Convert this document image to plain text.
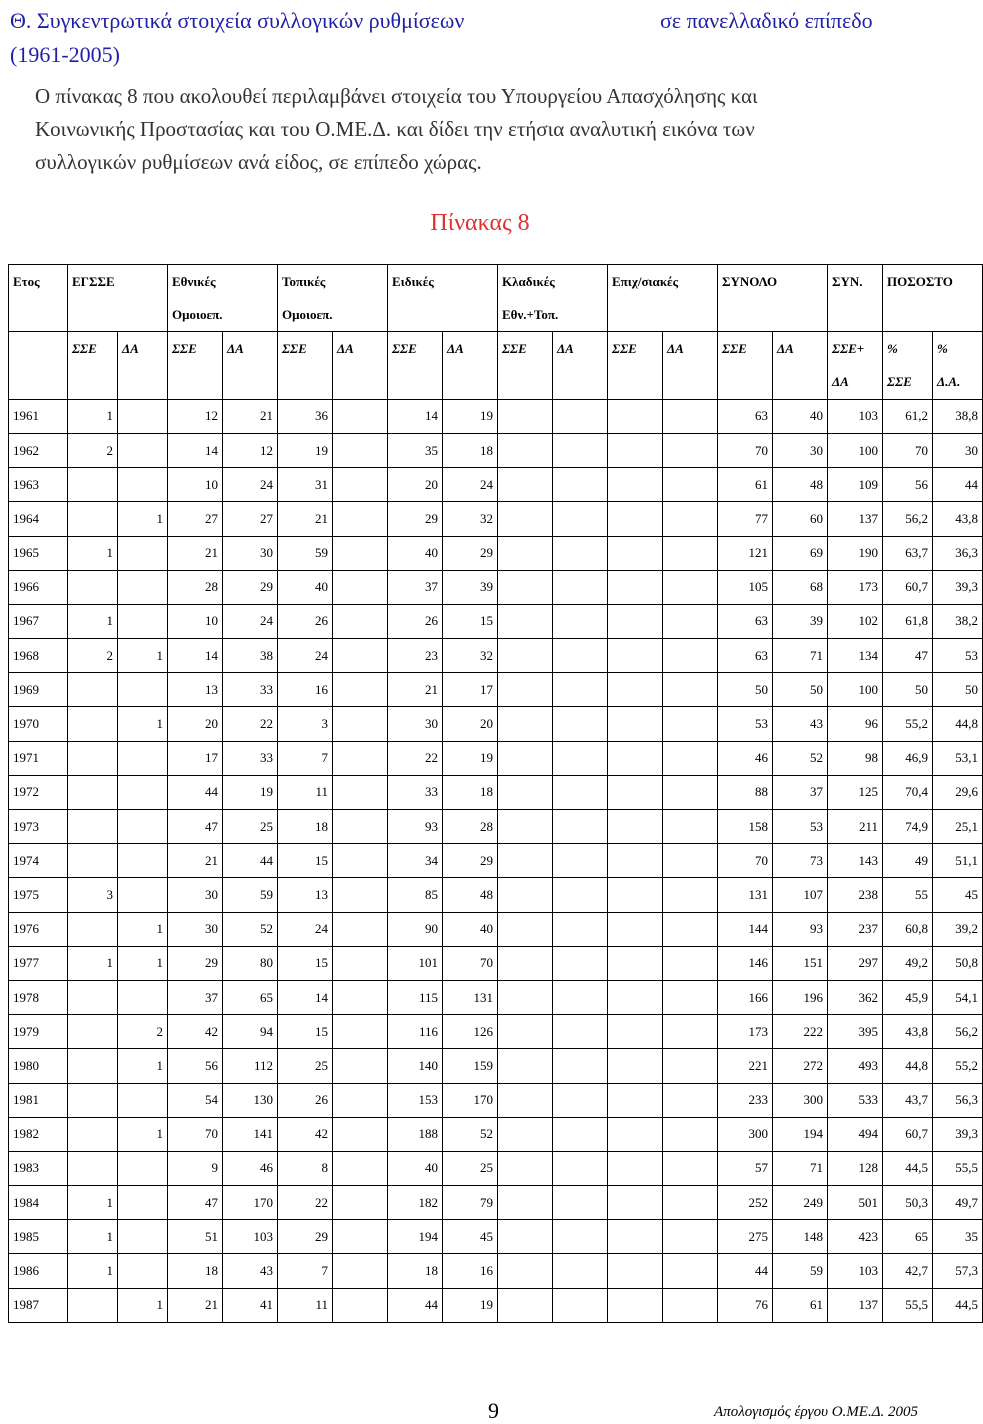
Θ. Συγκεντρωτικά στοιχεία συλλογικών ρυθμίσεων	σε πανελλαδικό επίπεδο
(1961-2005)
Ο πίνακας 8 που ακολουθεί περιλαμβάνει στοιχεία του Υπουργείου Απασχόλησης και
Κοινωνικής Προστασίας και του Ο.ΜΕ.Δ. και δίδει την ετήσια αναλυτική εικόνα των
συλλογικών ρυθμίσεων ανά είδος, σε επίπεδο χώρας.
Πίνακας 8
Ετος	ΕΓΣΣΕ		Εθνικές		Τοπικές		Ειδικές		Κλαδικές		Επιχ/σιακές		ΣΥΝΟΛΟ		ΣΥΝ.	ΠΟΣΟΣΤΟ	
			Ομοιοεπ.		Ομοιοεπ.				Εθν.+Τοπ.								
	ΣΣΕ	ΔΑ	ΣΣΕ	ΔΑ	ΣΣΕ	ΔΑ	ΣΣΕ	ΔΑ	ΣΣΕ	ΔΑ	ΣΣΕ	ΔΑ	ΣΣΕ	ΔΑ	ΣΣΕ+	%	%
															ΔΑ	ΣΣΕ	Δ.Α.
1961	1		12	21	36		14	19					63	40	103	61,2	38,8
1962	2		14	12	19		35	18					70	30	100	70	30
1963			10	24	31		20	24					61	48	109	56	44
1964		1	27	27	21		29	32					77	60	137	56,2	43,8
1965	1		21	30	59		40	29					121	69	190	63,7	36,3
1966			28	29	40		37	39					105	68	173	60,7	39,3
1967	1		10	24	26		26	15					63	39	102	61,8	38,2
1968	2	1	14	38	24		23	32					63	71	134	47	53
1969			13	33	16		21	17					50	50	100	50	50
1970		1	20	22	3		30	20					53	43	96	55,2	44,8
1971			17	33	7		22	19					46	52	98	46,9	53,1
1972			44	19	11		33	18					88	37	125	70,4	29,6
1973			47	25	18		93	28					158	53	211	74,9	25,1
1974			21	44	15		34	29					70	73	143	49	51,1
1975	3		30	59	13		85	48					131	107	238	55	45
1976		1	30	52	24		90	40					144	93	237	60,8	39,2
1977	1	1	29	80	15		101	70					146	151	297	49,2	50,8
1978			37	65	14		115	131					166	196	362	45,9	54,1
1979		2	42	94	15		116	126					173	222	395	43,8	56,2
1980		1	56	112	25		140	159					221	272	493	44,8	55,2
1981			54	130	26		153	170					233	300	533	43,7	56,3
1982		1	70	141	42		188	52					300	194	494	60,7	39,3
1983			9	46	8		40	25					57	71	128	44,5	55,5
1984	1		47	170	22		182	79					252	249	501	50,3	49,7
1985	1		51	103	29		194	45					275	148	423	65	35
1986	1		18	43	7		18	16					44	59	103	42,7	57,3
1987		1	21	41	11		44	19					76	61	137	55,5	44,5
9	Απολογισμός έργου Ο.ΜΕ.Δ. 2005
